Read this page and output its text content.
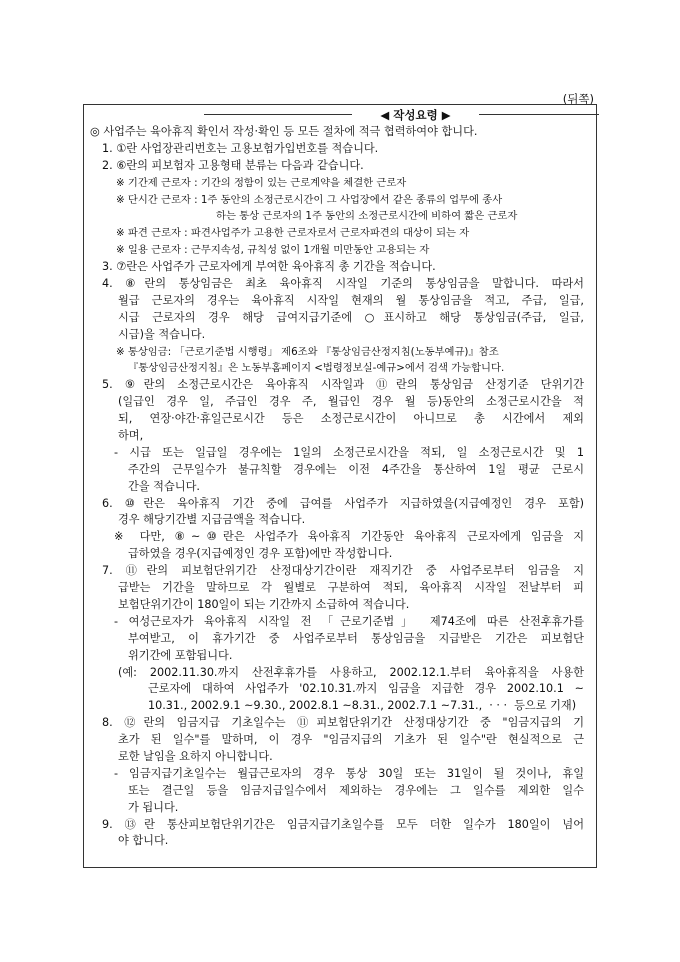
(뒤쪽)
◀ 작성요령 ▶
◎ 사업주는 육아휴직 확인서 작성·확인 등 모든 절차에 적극 협력하여야 합니다.
1. ①란 사업장관리번호는 고용보험가입번호를 적습니다.
2. ⑥란의 피보험자 고용형태 분류는 다음과 같습니다.
※ 기간제 근로자 : 기간의 정함이 있는 근로계약을 체결한 근로자
※ 단시간 근로자 : 1주 동안의 소정근로시간이 그 사업장에서 같은 종류의 업무에 종사
하는 통상 근로자의 1주 동안의 소정근로시간에 비하여 짧은 근로자
※ 파견 근로자 : 파견사업주가 고용한 근로자로서 근로자파견의 대상이 되는 자
※ 일용 근로자 : 근무지속성, 규칙성 없이 1개월 미만동안 고용되는 자
3. ⑦란은 사업주가 근로자에게 부여한 육아휴직 총 기간을 적습니다.
4. ⑧란의 통상임금은 최초 육아휴직 시작일 기준의 통상임금을 말합니다. 따라서
월급 근로자의 경우는 육아휴직 시작일 현재의 월 통상임금을 적고, 주급, 일급,
시급 근로자의 경우 해당 급여지급기준에 ○표시하고 해당 통상임금(주급, 일급,
시급)을 적습니다.
※ 통상임금: 「근로기준법 시행령」 제6조와 『통상임금산정지침(노동부예규)』참조
『통상임금산정지침』은 노동부홈페이지 <법령정보실-예규>에서 검색 가능합니다.
5. ⑨란의 소정근로시간은 육아휴직 시작일과 ⑪란의 통상임금 산정기준 단위기간
(일급인 경우 일, 주급인 경우 주, 월급인 경우 월 등)동안의 소정근로시간을 적
되, 연장·야간·휴일근로시간 등은 소정근로시간이 아니므로 총 시간에서 제외
하며,
- 시급 또는 일급일 경우에는 1일의 소정근로시간을 적되, 일 소정근로시간 및 1
주간의 근무일수가 불규칙할 경우에는 이전 4주간을 통산하여 1일 평균 근로시
간을 적습니다.
6. ⑩란은 육아휴직 기간 중에 급여를 사업주가 지급하였을(지급예정인 경우 포함)
경우 해당기간별 지급금액을 적습니다.
※ 다만, ⑧~⑩란은 사업주가 육아휴직 기간동안 육아휴직 근로자에게 임금을 지
급하였을 경우(지급예정인 경우 포함)에만 작성합니다.
7. ⑪란의 피보험단위기간 산정대상기간이란 재직기간 중 사업주로부터 임금을 지
급받는 기간을 말하므로 각 월별로 구분하여 적되, 육아휴직 시작일 전날부터 피
보험단위기간이 180일이 되는 기간까지 소급하여 적습니다.
- 여성근로자가 육아휴직 시작일 전 「근로기준법」 제74조에 따른 산전후휴가를
부여받고, 이 휴가기간 중 사업주로부터 통상임금을 지급받은 기간은 피보험단
위기간에 포함됩니다.
(예: 2002.11.30.까지 산전후휴가를 사용하고, 2002.12.1.부터 육아휴직을 사용한
근로자에 대하여 사업주가 '02.10.31.까지 임금을 지급한 경우 2002.10.1 ~
10.31., 2002.9.1 ~9.30., 2002.8.1 ~8.31., 2002.7.1 ~7.31.,  · · ·  등으로 기재)
8. ⑫란의 임금지급 기초일수는 ⑪피보험단위기간 산정대상기간 중 "임금지급의 기
초가 된 일수"를 말하며, 이 경우 "임금지급의 기초가 된 일수"란 현실적으로 근
로한 날임을 요하지 아니합니다.
- 임금지급기초일수는 월급근로자의 경우 통상 30일 또는 31일이 될 것이나, 휴일
또는 결근일 등을 임금지급일수에서 제외하는 경우에는 그 일수를 제외한 일수
가 됩니다.
9. ⑬란 통산피보험단위기간은 임금지급기초일수를 모두 더한 일수가 180일이 넘어
야 합니다.
